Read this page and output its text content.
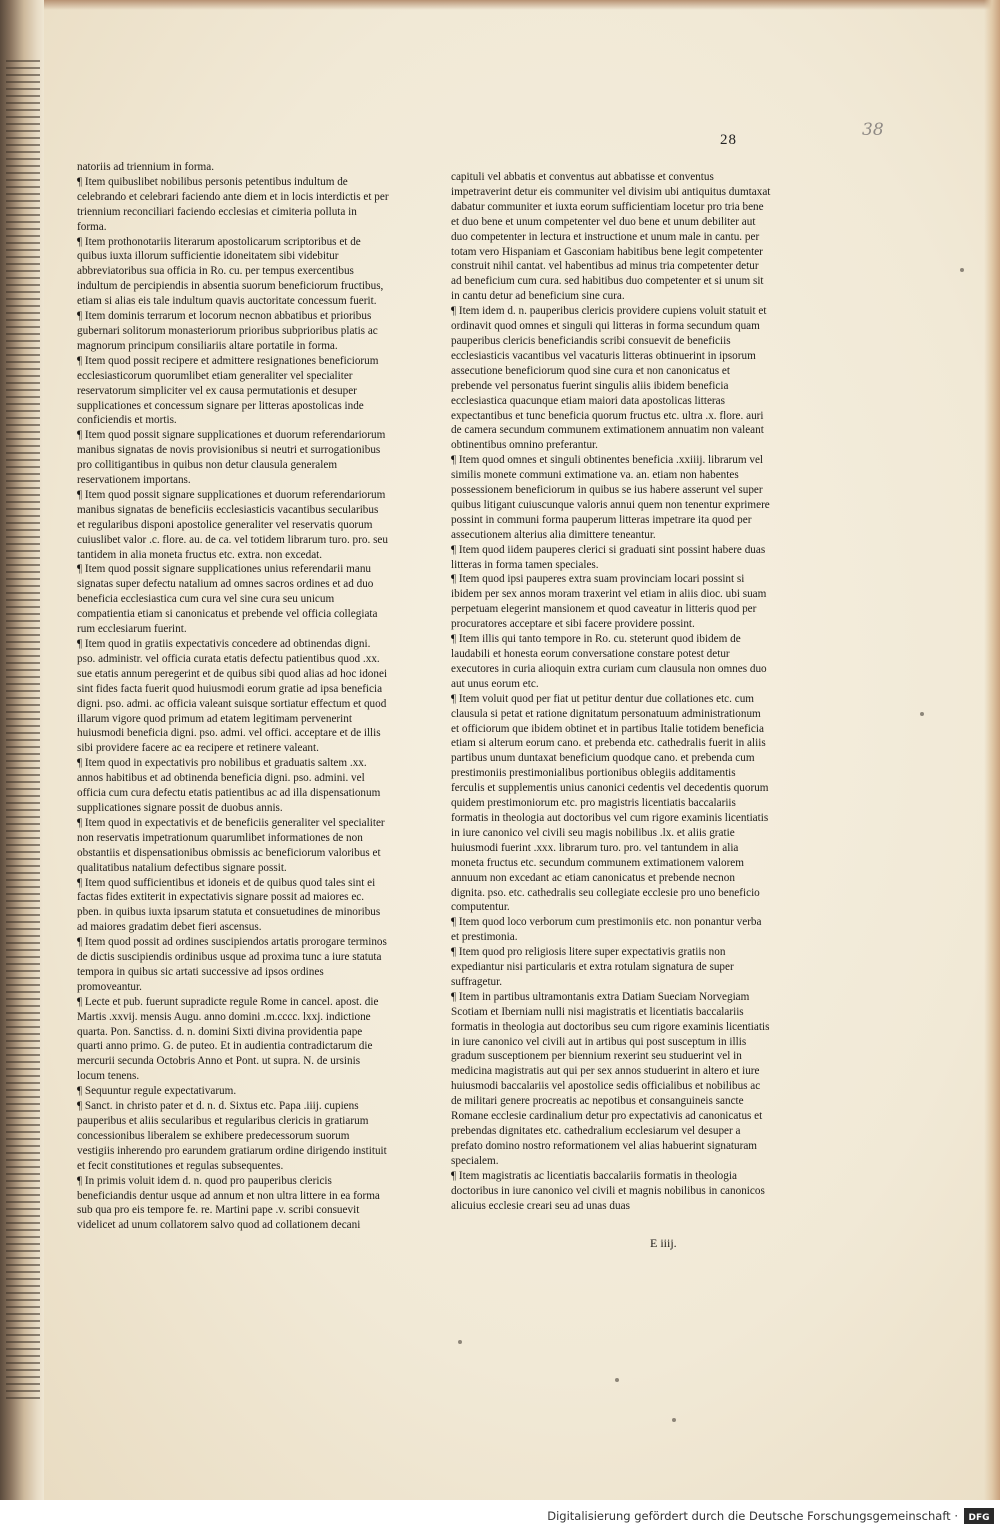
28	38

natoriis ad triennium in forma.

¶ Item quibuslibet nobilibus personis petentibus indultum de celebrando et celebrari faciendo ante diem et in locis interdictis et per triennium reconciliari faciendo ecclesias et cimiteria polluta in forma.

¶ Item prothonotariis literarum apostolicarum scriptoribus et de quibus iuxta illorum sufficientie idoneitatem sibi videbitur abbreviatoribus sua officia in Ro. cu. per tempus exercentibus indultum de percipiendis in absentia suorum beneficiorum fructibus, etiam si alias eis tale indultum quavis auctoritate concessum fuerit.

¶ Item dominis terrarum et locorum necnon abbatibus et prioribus gubernari solitorum monasteriorum prioribus subprioribus platis ac magnorum principum consiliariis altare portatile in forma.

¶ Item quod possit recipere et admittere resignationes beneficiorum ecclesiasticorum quorumlibet etiam generaliter vel specialiter reservatorum simpliciter vel ex causa permutationis et desuper supplicationes et concessum signare per litteras apostolicas inde conficiendis et mortis.

¶ Item quod possit signare supplicationes et duorum referendariorum manibus signatas de novis provisionibus si neutri et surrogationibus pro collitigantibus in quibus non detur clausula generalem reservationem importans.

¶ Item quod possit signare supplicationes et duorum referendariorum manibus signatas de beneficiis ecclesiasticis vacantibus secularibus et regularibus disponi apostolice generaliter vel reservatis quorum cuiuslibet valor .c. flore. au. de ca. vel totidem librarum turo. pro. seu tantidem in alia moneta fructus etc. extra. non excedat.

¶ Item quod possit signare supplicationes unius referendarii manu signatas super defectu natalium ad omnes sacros ordines et ad duo beneficia ecclesiastica cum cura vel sine cura seu unicum compatientia etiam si canonicatus et prebende vel officia collegiata rum ecclesiarum fuerint.

¶ Item quod in gratiis expectativis concedere ad obtinendas digni. pso. administr. vel officia curata etatis defectu patientibus quod .xx. sue etatis annum peregerint et de quibus sibi quod alias ad hoc idonei sint fides facta fuerit quod huiusmodi eorum gratie ad ipsa beneficia digni. pso. admi. ac officia valeant suisque sortiatur effectum et quod illarum vigore quod primum ad etatem legitimam pervenerint huiusmodi beneficia digni. pso. admi. vel offici. acceptare et de illis sibi providere facere ac ea recipere et retinere valeant.

¶ Item quod in expectativis pro nobilibus et graduatis saltem .xx. annos habitibus et ad obtinenda beneficia digni. pso. admini. vel officia cum cura defectu etatis patientibus ac ad illa dispensationum supplicationes signare possit de duobus annis.

¶ Item quod in expectativis et de beneficiis generaliter vel specialiter non reservatis impetrationum quarumlibet informationes de non obstantiis et dispensationibus obmissis ac beneficiorum valoribus et qualitatibus natalium defectibus signare possit.

¶ Item quod sufficientibus et idoneis et de quibus quod tales sint ei factas fides extiterit in expectativis signare possit ad maiores ec. pben. in quibus iuxta ipsarum statuta et consuetudines de minoribus ad maiores gradatim debet fieri ascensus.

¶ Item quod possit ad ordines suscipiendos artatis prorogare terminos de dictis suscipiendis ordinibus usque ad proxima tunc a iure statuta tempora in quibus sic artati successive ad ipsos ordines promoveantur.

¶ Lecte et pub. fuerunt supradicte regule Rome in cancel. apost. die Martis .xxvij. mensis Augu. anno domini .m.cccc. lxxj. indictione quarta. Pon. Sanctiss. d. n. domini Sixti divina providentia pape quarti anno primo. G. de puteo. Et in audientia contradictarum die mercurii secunda Octobris Anno et Pont. ut supra. N. de ursinis locum tenens.

¶ Sequuntur regule expectativarum.

¶ Sanct. in christo pater et d. n. d. Sixtus etc. Papa .iiij. cupiens pauperibus et aliis secularibus et regularibus clericis in gratiarum concessionibus liberalem se exhibere predecessorum suorum vestigiis inherendo pro earundem gratiarum ordine dirigendo instituit et fecit constitutiones et regulas subsequentes.

¶ In primis voluit idem d. n. quod pro pauperibus clericis beneficiandis dentur usque ad annum et non ultra littere in ea forma sub qua pro eis tempore fe. re. Martini pape .v. scribi consuevit videlicet ad unum collatorem salvo quod ad collationem decani

capituli vel abbatis et conventus aut abbatisse et conventus impetraverint detur eis communiter vel divisim ubi antiquitus dumtaxat dabatur communiter et iuxta eorum sufficientiam locetur pro tria bene et duo bene et unum competenter vel duo bene et unum debiliter aut duo competenter in lectura et instructione et unum male in cantu. per totam vero Hispaniam et Gasconiam habitibus bene legit competenter construit nihil cantat. vel habentibus ad minus tria competenter detur ad beneficium cum cura. sed habitibus duo competenter et si unum sit in cantu detur ad beneficium sine cura.

¶ Item idem d. n. pauperibus clericis providere cupiens voluit statuit et ordinavit quod omnes et singuli qui litteras in forma secundum quam pauperibus clericis beneficiandis scribi consuevit de beneficiis ecclesiasticis vacantibus vel vacaturis litteras obtinuerint in ipsorum assecutione beneficiorum quod sine cura et non canonicatus et prebende vel personatus fuerint singulis aliis ibidem beneficia ecclesiastica quacunque etiam maiori data apostolicas litteras expectantibus et tunc beneficia quorum fructus etc. ultra .x. flore. auri de camera secundum communem extimationem annuatim non valeant obtinentibus omnino preferantur.

¶ Item quod omnes et singuli obtinentes beneficia .xxiiij. librarum vel similis monete communi extimatione va. an. etiam non habentes possessionem beneficiorum in quibus se ius habere asserunt vel super quibus litigant cuiuscunque valoris annui quem non tenentur exprimere possint in communi forma pauperum litteras impetrare ita quod per assecutionem alterius alia dimittere teneantur.

¶ Item quod iidem pauperes clerici si graduati sint possint habere duas litteras in forma tamen speciales.

¶ Item quod ipsi pauperes extra suam provinciam locari possint si ibidem per sex annos moram traxerint vel etiam in aliis dioc. ubi suam perpetuam elegerint mansionem et quod caveatur in litteris quod per procuratores acceptare et sibi facere providere possint.

¶ Item illis qui tanto tempore in Ro. cu. steterunt quod ibidem de laudabili et honesta eorum conversatione constare potest detur executores in curia alioquin extra curiam cum clausula non omnes duo aut unus eorum etc.

¶ Item voluit quod per fiat ut petitur dentur due collationes etc. cum clausula si petat et ratione dignitatum personatuum administrationum et officiorum que ibidem obtinet et in partibus Italie totidem beneficia etiam si alterum eorum cano. et prebenda etc. cathedralis fuerit in aliis partibus unum duntaxat beneficium quodque cano. et prebenda cum prestimoniis prestimonialibus portionibus oblegiis additamentis ferculis et supplementis unius canonici cedentis vel decedentis quorum quidem prestimoniorum etc. pro magistris licentiatis baccalariis formatis in theologia aut doctoribus vel cum rigore examinis licentiatis in iure canonico vel civili seu magis nobilibus .lx. et aliis gratie huiusmodi fuerint .xxx. librarum turo. pro. vel tantundem in alia moneta fructus etc. secundum communem extimationem valorem annuum non excedant ac etiam canonicatus et prebende necnon dignita. pso. etc. cathedralis seu collegiate ecclesie pro uno beneficio computentur.

¶ Item quod loco verborum cum prestimoniis etc. non ponantur verba et prestimonia.

¶ Item quod pro religiosis litere super expectativis gratiis non expediantur nisi particularis et extra rotulam signatura de super suffragetur.

¶ Item in partibus ultramontanis extra Datiam Sueciam Norvegiam Scotiam et Iberniam nulli nisi magistratis et licentiatis baccalariis formatis in theologia aut doctoribus seu cum rigore examinis licentiatis in iure canonico vel civili aut in artibus qui post susceptum in illis gradum susceptionem per biennium rexerint seu studuerint vel in medicina magistratis aut qui per sex annos studuerint in altero et iure huiusmodi baccalariis vel apostolice sedis officialibus et nobilibus ac de militari genere procreatis ac nepotibus et consanguineis sancte Romane ecclesie cardinalium detur pro expectativis ad canonicatus et prebendas dignitates etc. cathedralium ecclesiarum vel desuper a prefato domino nostro reformationem vel alias habuerint signaturam specialem.

¶ Item magistratis ac licentiatis baccalariis formatis in theologia doctoribus in iure canonico vel civili et magnis nobilibus in canonicos alicuius ecclesie creari seu ad unas duas

E iiij.
Digitalisierung gefördert durch die Deutsche Forschungsgemeinschaft · DFG
